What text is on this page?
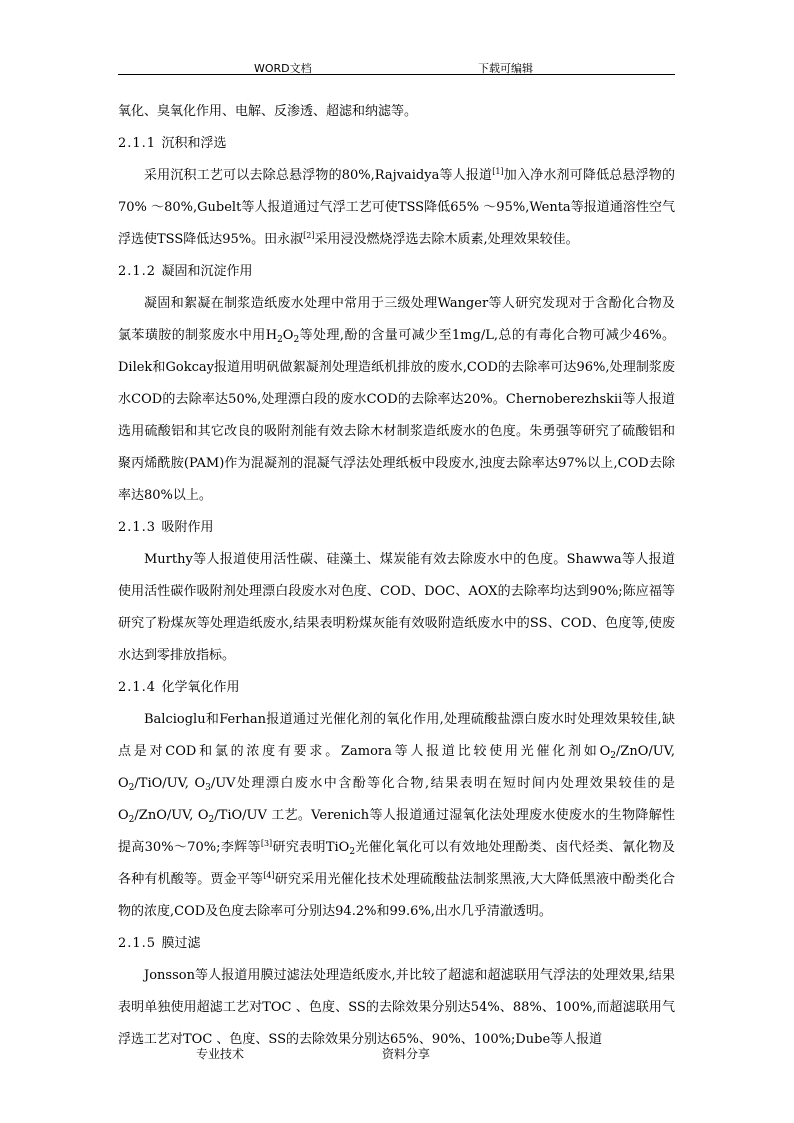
WORD文档	下载可编辑
氧化、臭氧化作用、电解、反渗透、超滤和纳滤等。
2.1.1   沉积和浮选

采用沉积工艺可以去除总悬浮物的80%,Rajvaidya等人报道[1]加入净水剂可降低总悬浮物的70% ～80%,Gubelt等人报道通过气浮工艺可使TSS降低65% ～95%,Wenta等报道通溶性空气浮选使TSS降低达95%。田永淑[2]采用浸没燃烧浮选去除木质素,处理效果较佳。

2.1.2   凝固和沉淀作用

凝固和絮凝在制浆造纸废水处理中常用于三级处理Wanger等人研究发现对于含酚化合物及氯苯璜胺的制浆废水中用$H_2O_2$等处理,酚的含量可减少至1mg/L,总的有毒化合物可减少46%。Dilek和Gokcay报道用明矾做絮凝剂处理造纸机排放的废水,COD的去除率可达96%,处理制浆废水COD的去除率达50%,处理漂白段的废水COD的去除率达20%。Chernoberezhskii等人报道选用硫酸铝和其它改良的吸附剂能有效去除木材制浆造纸废水的色度。朱勇强等研究了硫酸铝和聚丙烯酰胺(PAM)作为混凝剂的混凝气浮法处理纸板中段废水,浊度去除率达97%以上,COD去除率达80%以上。

2.1.3   吸附作用

Murthy等人报道使用活性碳、硅藻土、煤炭能有效去除废水中的色度。Shawwa等人报道使用活性碳作吸附剂处理漂白段废水对色度、COD、DOC、AOX的去除率均达到90%;陈应福等研究了粉煤灰等处理造纸废水,结果表明粉煤灰能有效吸附造纸废水中的SS、COD、色度等,使废水达到零排放指标。

2.1.4   化学氧化作用

Balcioglu和Ferhan报道通过光催化剂的氧化作用,处理硫酸盐漂白废水时处理效果较佳,缺点是对COD和氯的浓度有要求。Zamora等人报道比较使用光催化剂如$O_2/ZnO/UV$, $O_2/TiO/UV$, $O_3/UV$处理漂白废水中含酚等化合物,结果表明在短时间内处理效果较佳的是$O_2/ZnO/UV$, $O_2/TiO/UV$ 工艺。Verenich等人报道通过湿氧化法处理废水使废水的生物降解性提高30%～70%;李辉等[3]研究表明TiO$_2$光催化氧化可以有效地处理酚类、卤代烃类、氰化物及各种有机酸等。贾金平等[4]研究采用光催化技术处理硫酸盐法制浆黑液,大大降低黑液中酚类化合物的浓度,COD及色度去除率可分别达94.2%和99.6%,出水几乎清澈透明。

2.1.5   膜过滤

Jonsson等人报道用膜过滤法处理造纸废水,并比较了超滤和超滤联用气浮法的处理效果,结果表明单独使用超滤工艺对TOC 、色度、SS的去除效果分别达54%、88%、100%,而超滤联用气浮选工艺对TOC 、色度、SS的去除效果分别达65%、90%、100%;Dube等人报道

专业技术	资料分享
